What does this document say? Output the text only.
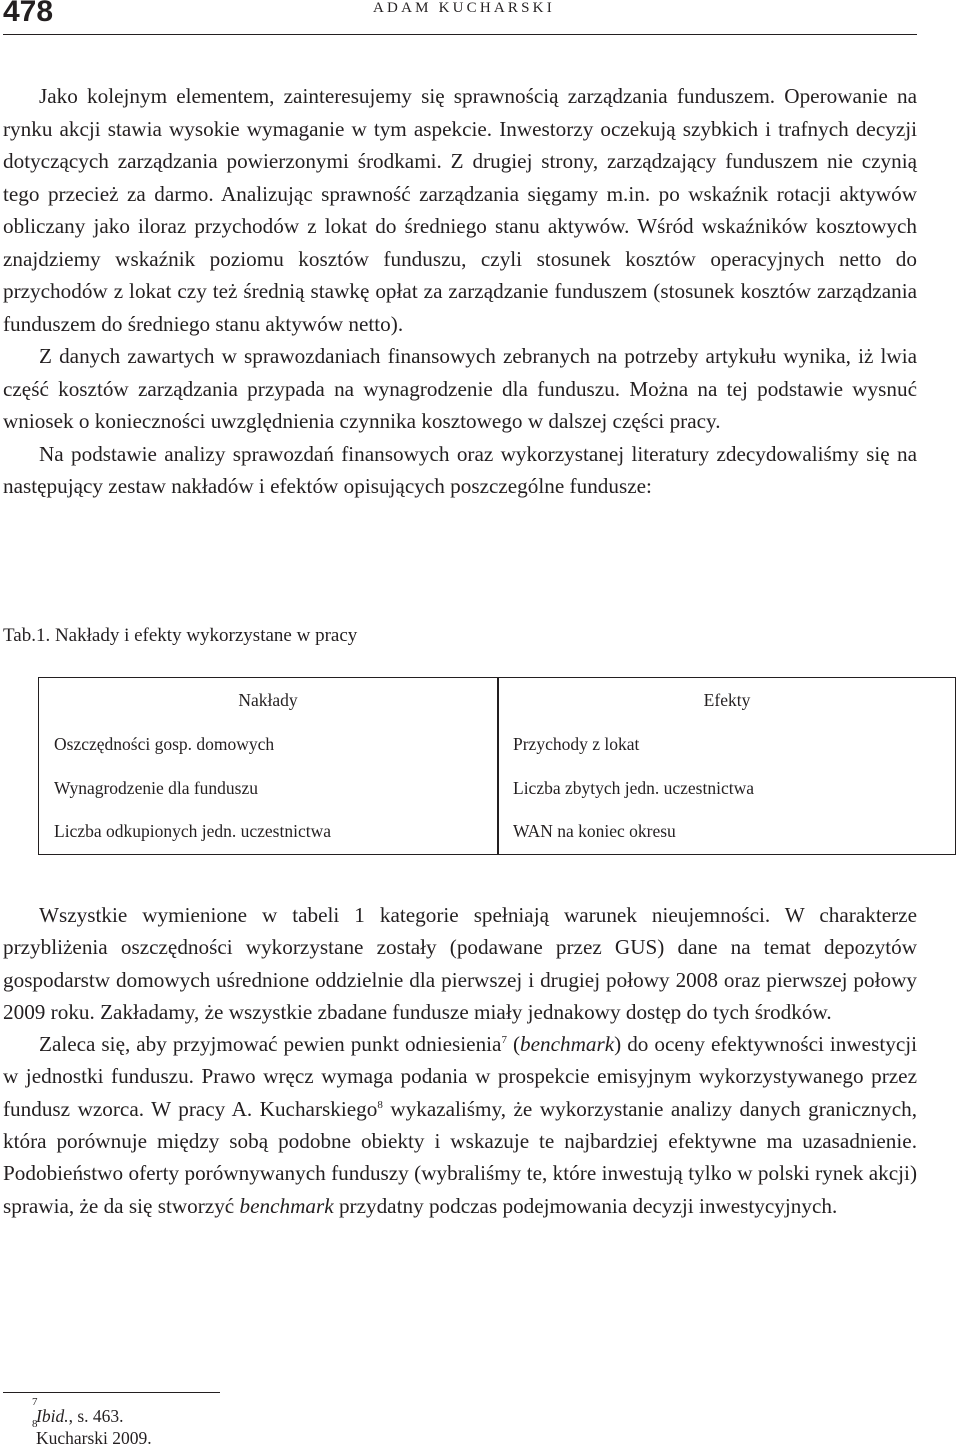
478	ADAM KUCHARSKI

Jako kolejnym elementem, zainteresujemy się sprawnością zarządzania funduszem. Operowanie na rynku akcji stawia wysokie wymaganie w tym aspekcie. Inwestorzy oczekują szybkich i trafnych decyzji dotyczących zarządzania powierzonymi środkami. Z drugiej strony, zarządzający funduszem nie czynią tego przecież za darmo. Analizując sprawność zarządzania sięgamy m.in. po wskaźnik rotacji aktywów obliczany jako iloraz przychodów z lokat do średniego stanu aktywów. Wśród wskaźników kosztowych znajdziemy wskaźnik poziomu kosztów funduszu, czyli stosunek kosztów operacyjnych netto do przychodów z lokat czy też średnią stawkę opłat za zarządzanie funduszem (stosunek kosztów zarządzania funduszem do średniego stanu aktywów netto).

Z danych zawartych w sprawozdaniach finansowych zebranych na potrzeby artykułu wynika, iż lwia część kosztów zarządzania przypada na wynagrodzenie dla funduszu. Można na tej podstawie wysnuć wniosek o konieczności uwzględnienia czynnika kosztowego w dalszej części pracy.

Na podstawie analizy sprawozdań finansowych oraz wykorzystanej literatury zdecydowaliśmy się na następujący zestaw nakładów i efektów opisujących poszczególne fundusze:

Tab.1. Nakłady i efekty wykorzystane w pracy
Nakłady
Oszczędności gosp. domowych
Wynagrodzenie dla funduszu
Liczba odkupionych jedn. uczestnictwa
Efekty
Przychody z lokat
Liczba zbytych jedn. uczestnictwa
WAN na koniec okresu

Wszystkie wymienione w tabeli 1 kategorie spełniają warunek nieujemności. W charakterze przybliżenia oszczędności wykorzystane zostały (podawane przez GUS) dane na temat depozytów gospodarstw domowych uśrednione oddzielnie dla pierwszej i drugiej połowy 2008 oraz pierwszej połowy 2009 roku. Zakładamy, że wszystkie zbadane fundusze miały jednakowy dostęp do tych środków.

Zaleca się, aby przyjmować pewien punkt odniesienia$^7$ (benchmark) do oceny efektywności inwestycji w jednostki funduszu. Prawo wręcz wymaga podania w prospekcie emisyjnym wykorzystywanego przez fundusz wzorca. W pracy A. Kucharskiego$^8$ wykazaliśmy, że wykorzystanie analizy danych granicznych, która porównuje między sobą podobne obiekty i wskazuje te najbardziej efektywne ma uzasadnienie. Podobieństwo oferty porównywanych funduszy (wybraliśmy te, które inwestują tylko w polski rynek akcji) sprawia, że da się stworzyć benchmark przydatny podczas podejmowania decyzji inwestycyjnych.

7
Ibid., s. 463.
8
Kucharski 2009.
